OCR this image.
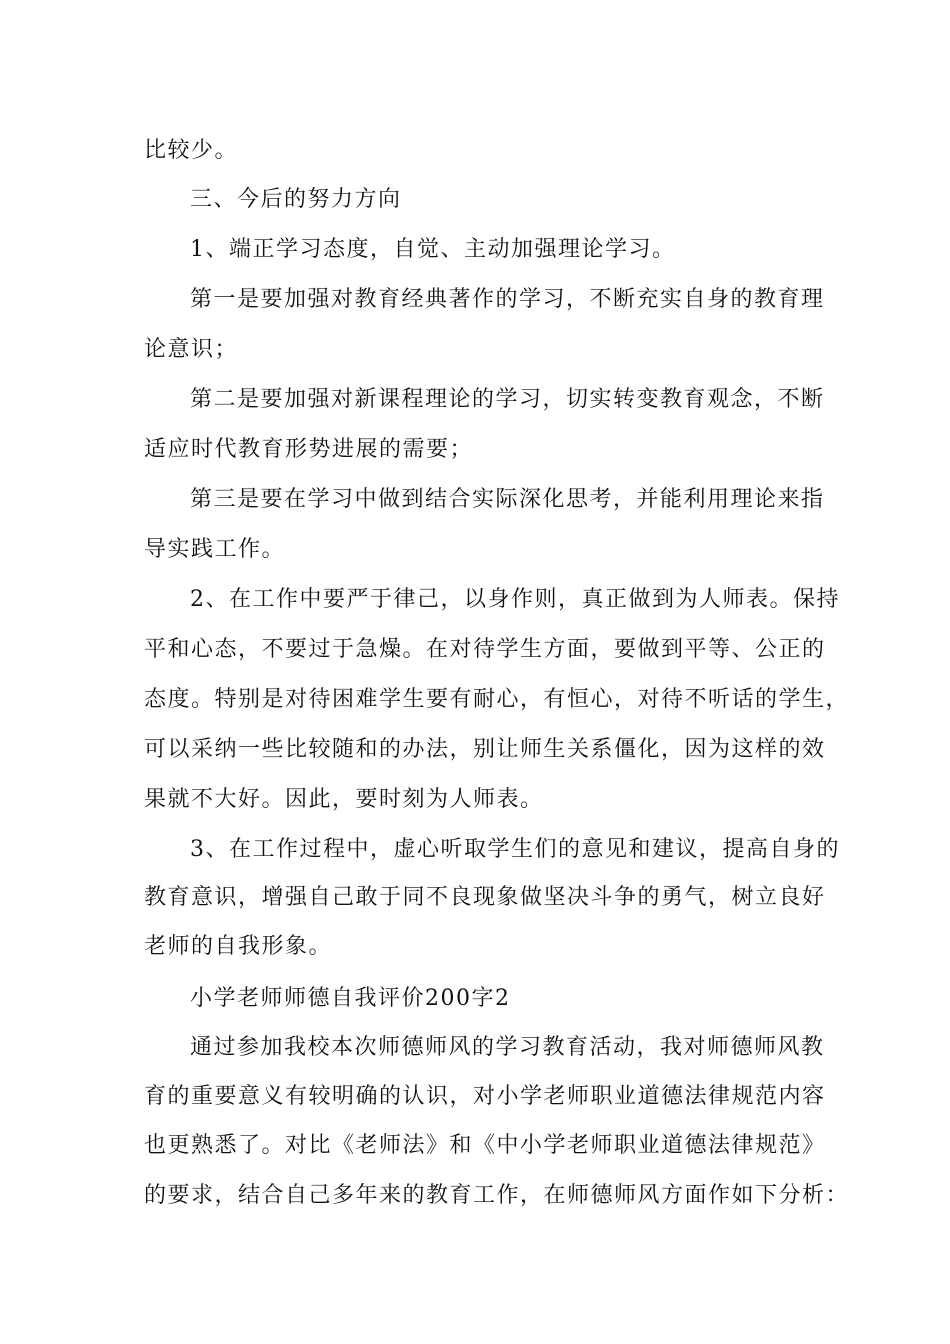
比较少。
三、今后的努力方向
1、端正学习态度，自觉、主动加强理论学习。
第一是要加强对教育经典著作的学习，不断充实自身的教育理
论意识；
第二是要加强对新课程理论的学习，切实转变教育观念，不断
适应时代教育形势进展的需要；
第三是要在学习中做到结合实际深化思考，并能利用理论来指
导实践工作。
2、在工作中要严于律己，以身作则，真正做到为人师表。保持
平和心态，不要过于急燥。在对待学生方面，要做到平等、公正的
态度。特别是对待困难学生要有耐心，有恒心，对待不听话的学生，
可以采纳一些比较随和的办法，别让师生关系僵化，因为这样的效
果就不大好。因此，要时刻为人师表。
3、在工作过程中，虚心听取学生们的意见和建议，提高自身的
教育意识，增强自己敢于同不良现象做坚决斗争的勇气，树立良好
老师的自我形象。
小学老师师德自我评价200字2
通过参加我校本次师德师风的学习教育活动，我对师德师风教
育的重要意义有较明确的认识，对小学老师职业道德法律规范内容
也更熟悉了。对比《老师法》和《中小学老师职业道德法律规范》
的要求，结合自己多年来的教育工作，在师德师风方面作如下分析：
